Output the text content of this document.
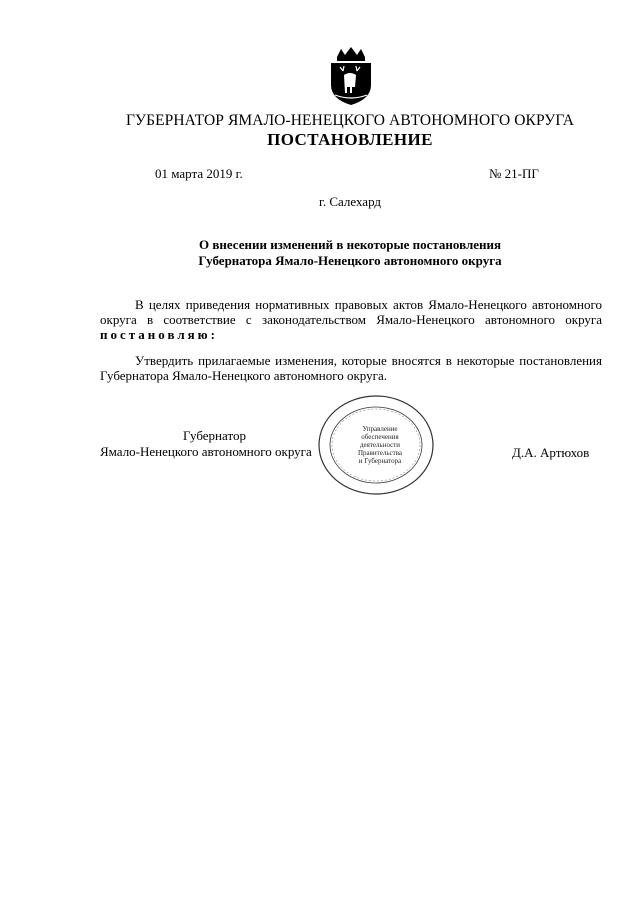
ГУБЕРНАТОР ЯМАЛО-НЕНЕЦКОГО АВТОНОМНОГО ОКРУГА
ПОСТАНОВЛЕНИЕ
01 марта 2019 г.	№ 21-ПГ
г. Салехард
О внесении изменений в некоторые постановления
Губернатора Ямало-Ненецкого автономного округа
В целях приведения нормативных правовых актов Ямало-Ненецкого автономного округа в соответствие с законодательством Ямало-Ненецкого автономного округа постановляю:
Утвердить прилагаемые изменения, которые вносятся в некоторые постановления Губернатора Ямало-Ненецкого автономного округа.
Губернатор
Ямало-Ненецкого автономного округа	Д.А. Артюхов
Управление
обеспечения
деятельности
Правительства
и Губернатора
